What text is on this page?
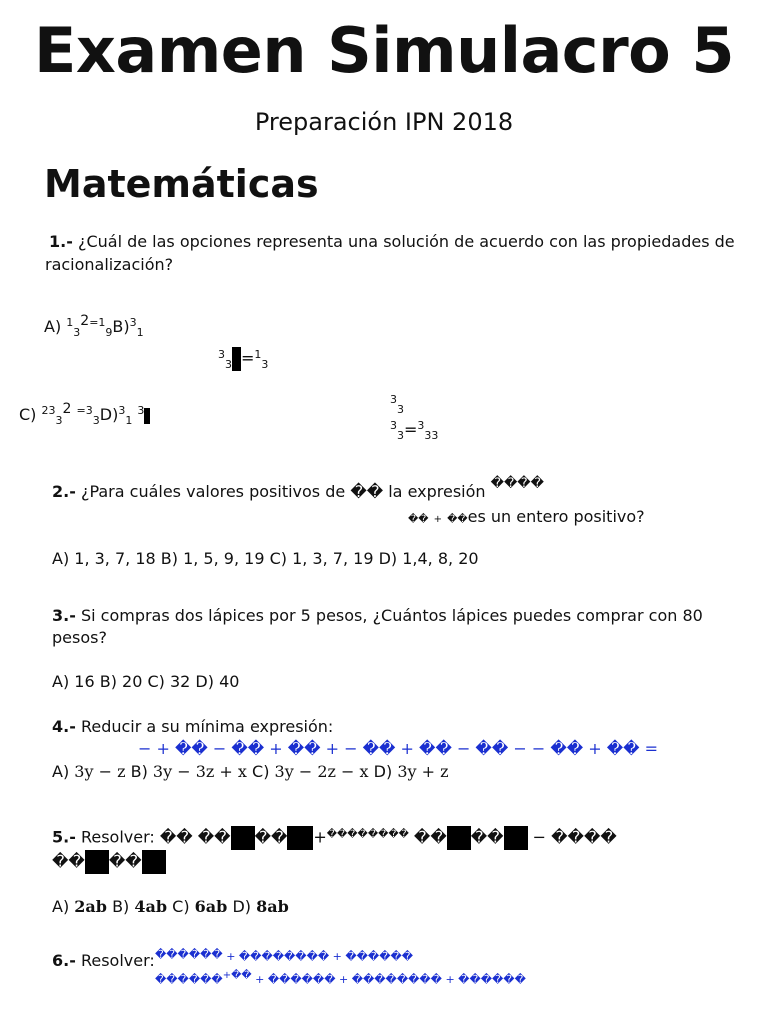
Examen Simulacro 5
Preparación IPN 2018
Matemáticas
1.- ¿Cuál de las opciones representa una solución de acuerdo con las propiedades de
racionalización?
A) $^1_32^{=1}_9B)^3_1$
$^3_3$ =$^1_3$
C) $^{23}_3$2 $^{=3}_3$D)$^3_1$ $^3$
$^3_3$
$^3_3$=$^3_{33}$
2.- ¿Para cuáles valores positivos de �� la expresión ����
�� + ��es un entero positivo?
A) 1, 3, 7, 18 B) 1, 5, 9, 19 C) 1, 3, 7, 19 D) 1,4, 8, 20
3.- Si compras dos lápices por 5 pesos, ¿Cuántos lápices puedes comprar con 80
pesos?
A) 16 B) 20 C) 32 D) 40
4.- Reducir a su mínima expresión:
− + �� − �� + �� + − �� + �� − �� − − �� + �� =
A) 3y − z B) 3y − 3z + x C) 3y − 2z − x D) 3y + z
5.- Resolver: �� �� �� +�������� �� �� − ����
�� ��
A) 2ab B) 4ab C) 6ab D) 8ab
6.- Resolver: ������ + �������� + ������
������+�� + ������ + �������� + ������
